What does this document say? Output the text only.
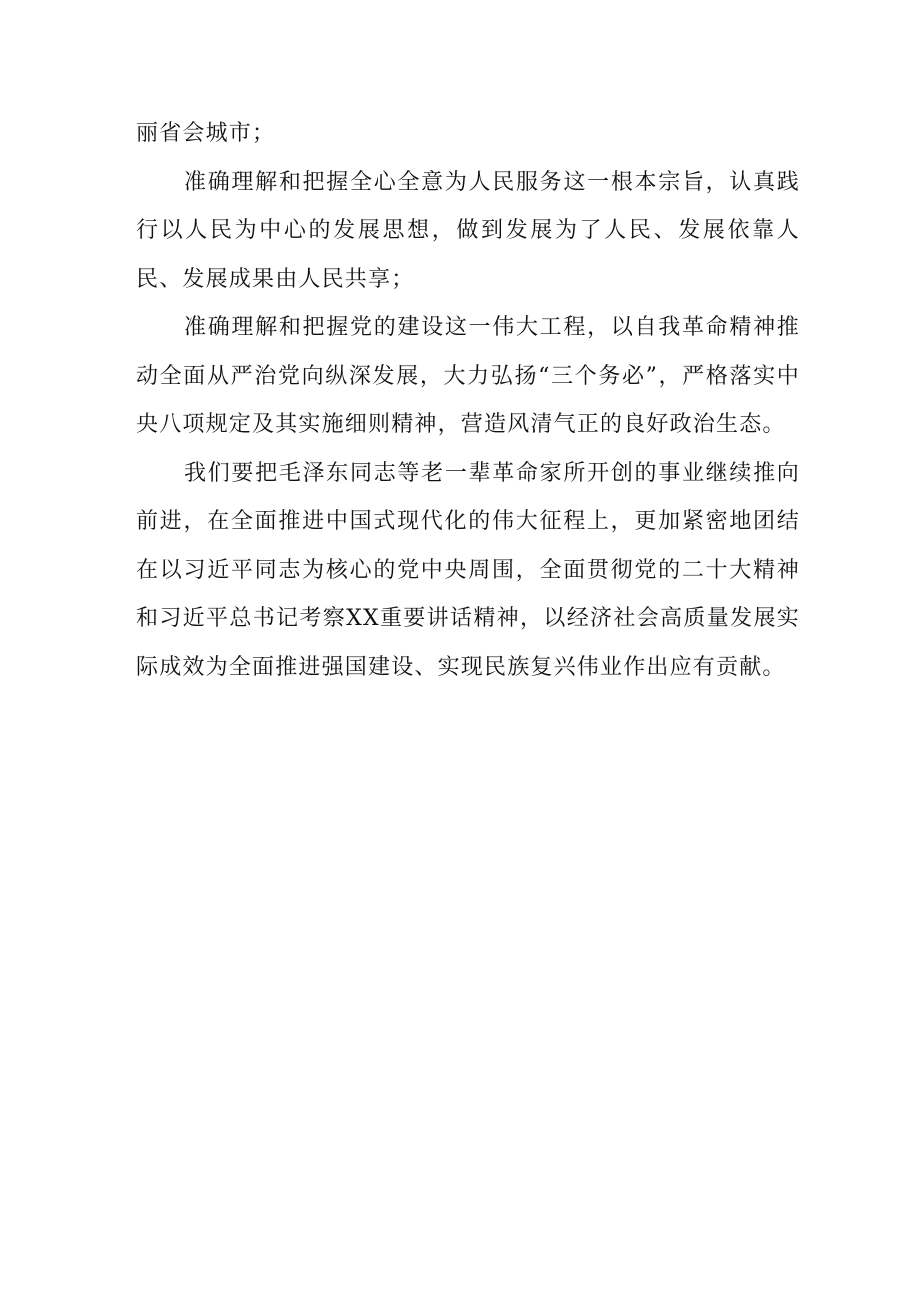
丽省会城市；

准确理解和把握全心全意为人民服务这一根本宗旨，认真践行以人民为中心的发展思想，做到发展为了人民、发展依靠人民、发展成果由人民共享；

准确理解和把握党的建设这一伟大工程，以自我革命精神推动全面从严治党向纵深发展，大力弘扬“三个务必”，严格落实中央八项规定及其实施细则精神，营造风清气正的良好政治生态。

我们要把毛泽东同志等老一辈革命家所开创的事业继续推向前进，在全面推进中国式现代化的伟大征程上，更加紧密地团结在以习近平同志为核心的党中央周围，全面贯彻党的二十大精神和习近平总书记考察XX重要讲话精神，以经济社会高质量发展实际成效为全面推进强国建设、实现民族复兴伟业作出应有贡献。
